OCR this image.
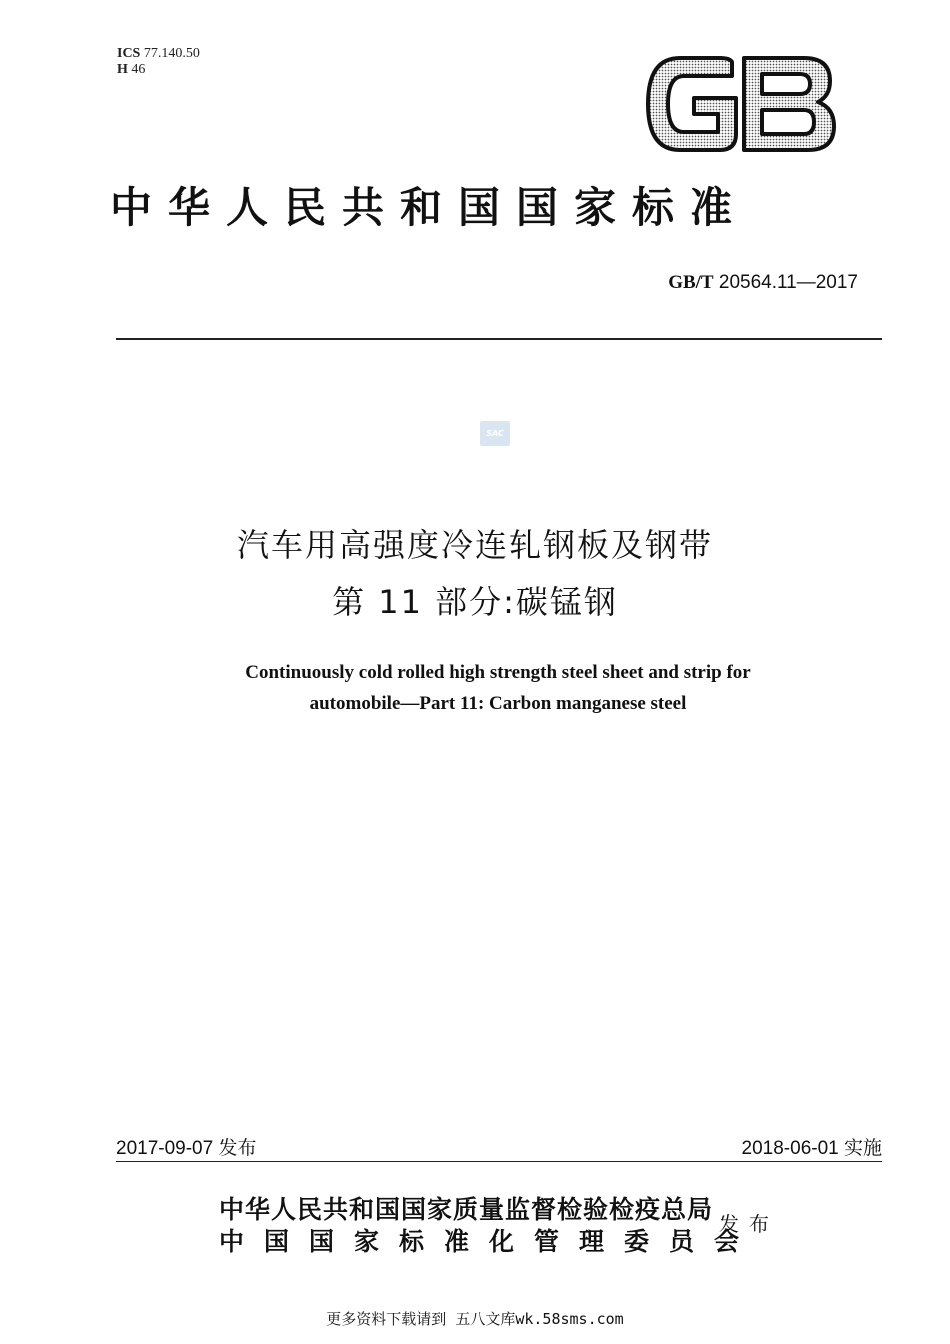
ICS 77.140.50
H 46
中华人民共和国国家标准
GB/T 20564.11—2017
SAC
汽车用高强度冷连轧钢板及钢带
第 11 部分:碳锰钢
Continuously cold rolled high strength steel sheet and strip for
automobile—Part 11: Carbon manganese steel
2017-09-07 发布	2018-06-01 实施
中华人民共和国国家质量监督检验检疫总局
中国国家标准化管理委员会
发布
更多资料下载请到 五八文库wk.58sms.com
